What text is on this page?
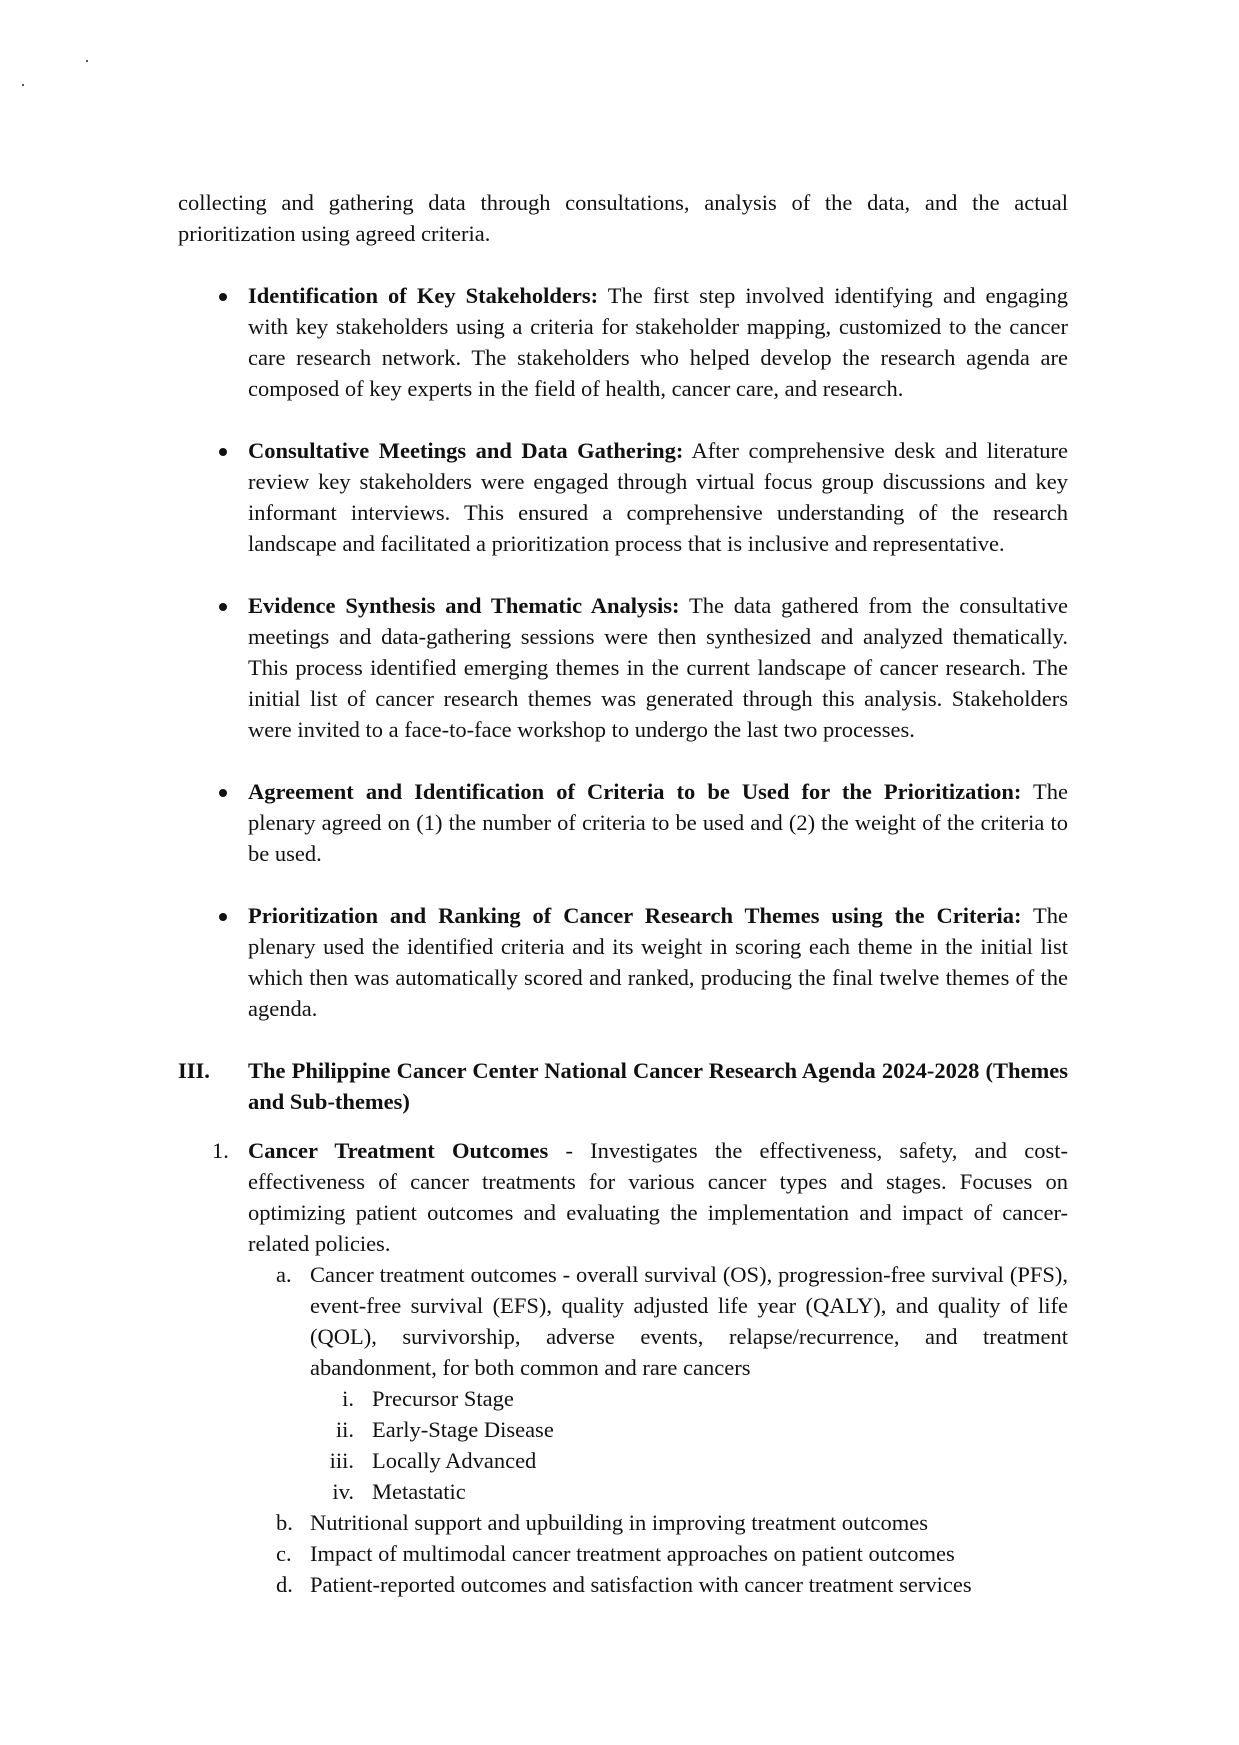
collecting and gathering data through consultations, analysis of the data, and the actual prioritization using agreed criteria.

Identification of Key Stakeholders: The first step involved identifying and engaging with key stakeholders using a criteria for stakeholder mapping, customized to the cancer care research network. The stakeholders who helped develop the research agenda are composed of key experts in the field of health, cancer care, and research.
Consultative Meetings and Data Gathering: After comprehensive desk and literature review key stakeholders were engaged through virtual focus group discussions and key informant interviews. This ensured a comprehensive understanding of the research landscape and facilitated a prioritization process that is inclusive and representative.
Evidence Synthesis and Thematic Analysis: The data gathered from the consultative meetings and data-gathering sessions were then synthesized and analyzed thematically. This process identified emerging themes in the current landscape of cancer research. The initial list of cancer research themes was generated through this analysis. Stakeholders were invited to a face-to-face workshop to undergo the last two processes.
Agreement and Identification of Criteria to be Used for the Prioritization: The plenary agreed on (1) the number of criteria to be used and (2) the weight of the criteria to be used.
Prioritization and Ranking of Cancer Research Themes using the Criteria: The plenary used the identified criteria and its weight in scoring each theme in the initial list which then was automatically scored and ranked, producing the final twelve themes of the agenda.
III.	The Philippine Cancer Center National Cancer Research Agenda 2024-2028 (Themes and Sub-themes)
1. Cancer Treatment Outcomes - Investigates the effectiveness, safety, and cost-effectiveness of cancer treatments for various cancer types and stages. Focuses on optimizing patient outcomes and evaluating the implementation and impact of cancer-related policies.

a. Cancer treatment outcomes - overall survival (OS), progression-free survival (PFS), event-free survival (EFS), quality adjusted life year (QALY), and quality of life (QOL), survivorship, adverse events, relapse/recurrence, and treatment abandonment, for both common and rare cancers
i. Precursor Stage
ii. Early-Stage Disease
iii. Locally Advanced
iv. Metastatic
b. Nutritional support and upbuilding in improving treatment outcomes
c. Impact of multimodal cancer treatment approaches on patient outcomes
d. Patient-reported outcomes and satisfaction with cancer treatment services
